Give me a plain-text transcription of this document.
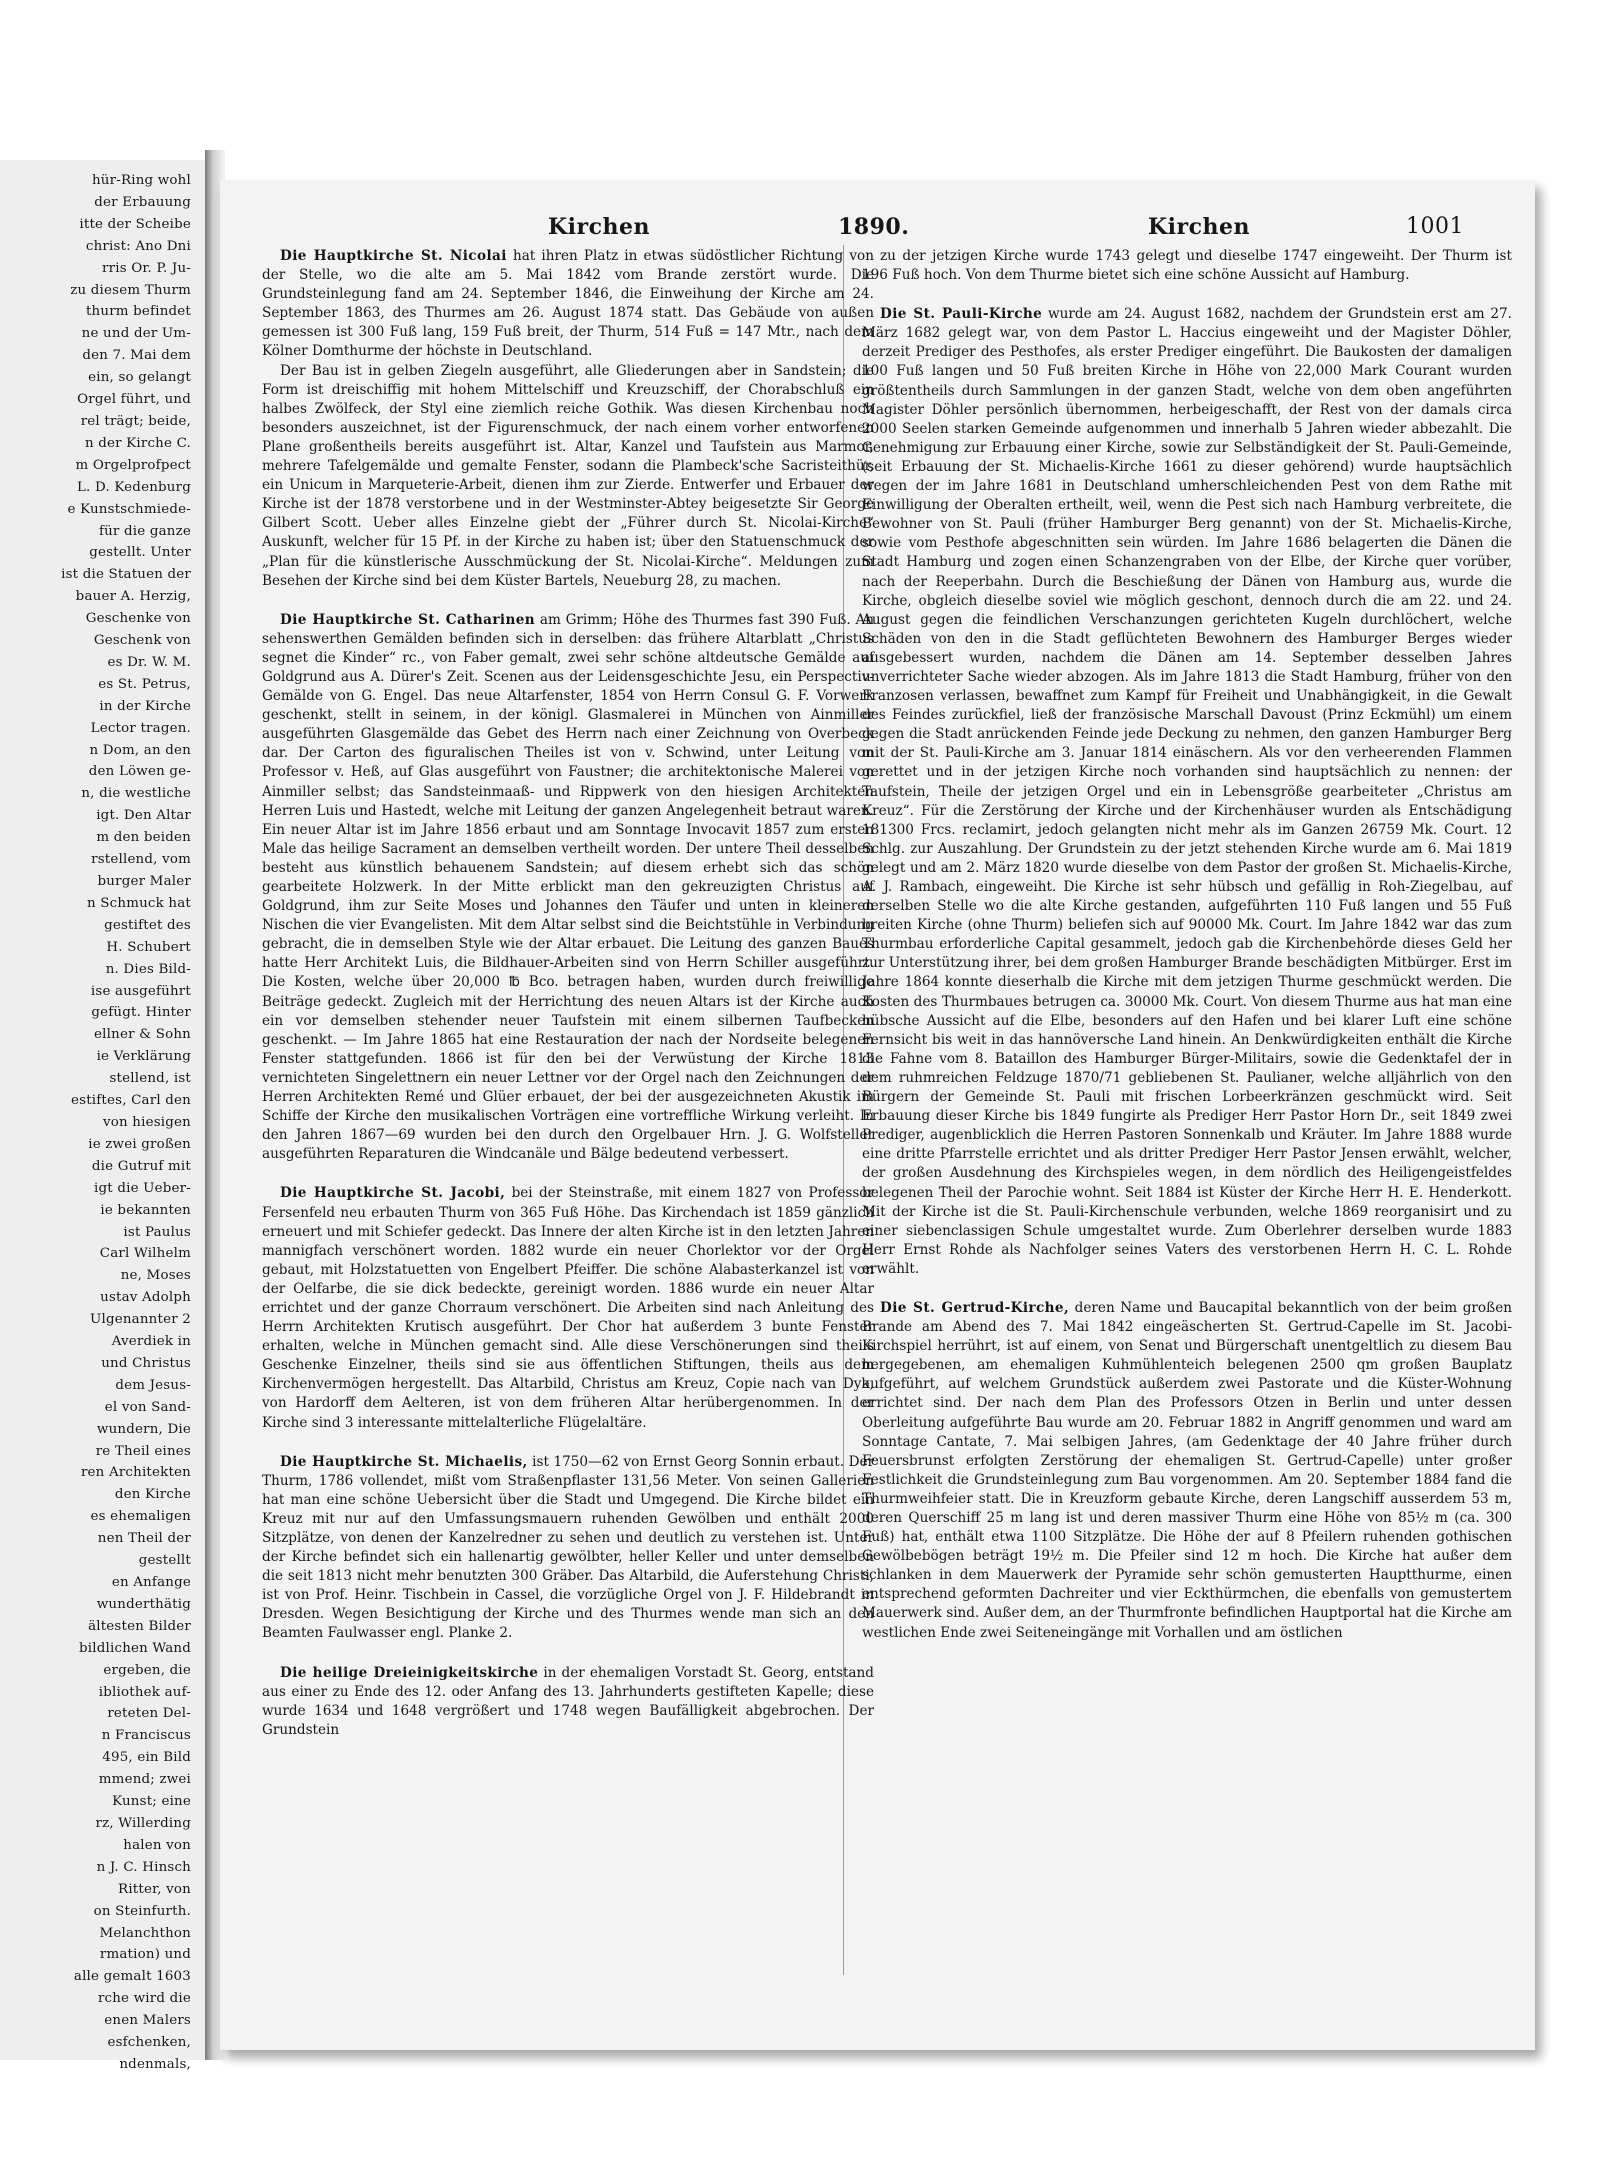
hür-Ring wohl
der Erbauung
itte der Scheibe
christ: Ano Dni
rris Or. P. Ju-
zu diesem Thurm
thurm befindet
ne und der Um-
den 7. Mai dem
ein, so gelangt
Orgel führt, und
rel trägt; beide,
n der Kirche C.
m Orgelprofpect
L. D. Kedenburg
e Kunstschmiede-
für die ganze
gestellt. Unter
ist die Statuen der
bauer A. Herzig,
Geschenke von
Geschenk von
es Dr. W. M.
es St. Petrus,
in der Kirche
Lector tragen.
n Dom, an den
den Löwen ge-
n, die westliche
igt. Den Altar
m den beiden
rstellend, vom
burger Maler
n Schmuck hat
gestiftet des
H. Schubert
n. Dies Bild-
ise ausgeführt
gefügt. Hinter
ellner & Sohn
ie Verklärung
stellend, ist
estiftes, Carl den
von hiesigen
ie zwei großen
die Gutruf mit
igt die Ueber-
ie bekannten
ist Paulus
Carl Wilhelm
ne, Moses
ustav Adolph
Ulgenannter 2
Averdiek in
und Christus
dem Jesus-
el von Sand-
wundern, Die
re Theil eines
ren Architekten
den Kirche
es ehemaligen
nen Theil der
gestellt
en Anfange
wunderthätig
ältesten Bilder
bildlichen Wand
ergeben, die
ibliothek auf-
reteten Del-
n Franciscus
495, ein Bild
mmend; zwei
Kunst; eine
rz, Willerding
halen von
n J. C. Hinsch
Ritter, von
on Steinfurth.
Melanchthon
rmation) und
alle gemalt 1603
rche wird die
enen Malers
esfchenken,
ndenmals,
Kirchen	1890.	Kirchen	1001

Die Hauptkirche St. Nicolai hat ihren Platz in etwas südöstlicher Richtung von der Stelle, wo die alte am 5. Mai 1842 vom Brande zerstört wurde. Die Grundsteinlegung fand am 24. September 1846, die Einweihung der Kirche am 24. September 1863, des Thurmes am 26. August 1874 statt. Das Gebäude von außen gemessen ist 300 Fuß lang, 159 Fuß breit, der Thurm, 514 Fuß = 147 Mtr., nach dem Kölner Domthurme der höchste in Deutschland.

Der Bau ist in gelben Ziegeln ausgeführt, alle Gliederungen aber in Sandstein; die Form ist dreischiffig mit hohem Mittelschiff und Kreuzschiff, der Chorabschluß ein halbes Zwölfeck, der Styl eine ziemlich reiche Gothik. Was diesen Kirchenbau noch besonders auszeichnet, ist der Figurenschmuck, der nach einem vorher entworfenen Plane großentheils bereits ausgeführt ist. Altar, Kanzel und Taufstein aus Marmor, mehrere Tafelgemälde und gemalte Fenster, sodann die Plambeck'sche Sacristeithür, ein Unicum in Marqueterie-Arbeit, dienen ihm zur Zierde. Entwerfer und Erbauer der Kirche ist der 1878 verstorbene und in der Westminster-Abtey beigesetzte Sir George Gilbert Scott. Ueber alles Einzelne giebt der „Führer durch St. Nicolai-Kirche“ Auskunft, welcher für 15 Pf. in der Kirche zu haben ist; über den Statuenschmuck der „Plan für die künstlerische Ausschmückung der St. Nicolai-Kirche“. Meldungen zum Besehen der Kirche sind bei dem Küster Bartels, Neueburg 28, zu machen.

Die Hauptkirche St. Catharinen am Grimm; Höhe des Thurmes fast 390 Fuß. An sehenswerthen Gemälden befinden sich in derselben: das frühere Altarblatt „Christus segnet die Kinder“ rc., von Faber gemalt, zwei sehr schöne altdeutsche Gemälde auf Goldgrund aus A. Dürer's Zeit. Scenen aus der Leidensgeschichte Jesu, ein Perspectiv-Gemälde von G. Engel. Das neue Altarfenster, 1854 von Herrn Consul G. F. Vorwerk geschenkt, stellt in seinem, in der königl. Glasmalerei in München von Ainmiller ausgeführten Glasgemälde das Gebet des Herrn nach einer Zeichnung von Overbeck dar. Der Carton des figuralischen Theiles ist von v. Schwind, unter Leitung von Professor v. Heß, auf Glas ausgeführt von Faustner; die architektonische Malerei von Ainmiller selbst; das Sandsteinmaaß- und Rippwerk von den hiesigen Architekten Herren Luis und Hastedt, welche mit Leitung der ganzen Angelegenheit betraut waren. Ein neuer Altar ist im Jahre 1856 erbaut und am Sonntage Invocavit 1857 zum ersten Male das heilige Sacrament an demselben vertheilt worden. Der untere Theil desselben besteht aus künstlich behauenem Sandstein; auf diesem erhebt sich das schön gearbeitete Holzwerk. In der Mitte erblickt man den gekreuzigten Christus auf Goldgrund, ihm zur Seite Moses und Johannes den Täufer und unten in kleineren Nischen die vier Evangelisten. Mit dem Altar selbst sind die Beichtstühle in Verbindung gebracht, die in demselben Style wie der Altar erbauet. Die Leitung des ganzen Baues hatte Herr Architekt Luis, die Bildhauer-Arbeiten sind von Herrn Schiller ausgeführt. Die Kosten, welche über 20,000 ℔ Bco. betragen haben, wurden durch freiwillige Beiträge gedeckt. Zugleich mit der Herrichtung des neuen Altars ist der Kirche auch ein vor demselben stehender neuer Taufstein mit einem silbernen Taufbecken geschenkt. — Im Jahre 1865 hat eine Restauration der nach der Nordseite belegenen Fenster stattgefunden. 1866 ist für den bei der Verwüstung der Kirche 1813 vernichteten Singelettnern ein neuer Lettner vor der Orgel nach den Zeichnungen der Herren Architekten Remé und Glüer erbauet, der bei der ausgezeichneten Akustik im Schiffe der Kirche den musikalischen Vorträgen eine vortreffliche Wirkung verleiht. In den Jahren 1867—69 wurden bei den durch den Orgelbauer Hrn. J. G. Wolfsteller ausgeführten Reparaturen die Windcanäle und Bälge bedeutend verbessert.

Die Hauptkirche St. Jacobi, bei der Steinstraße, mit einem 1827 von Professor Fersenfeld neu erbauten Thurm von 365 Fuß Höhe. Das Kirchendach ist 1859 gänzlich erneuert und mit Schiefer gedeckt. Das Innere der alten Kirche ist in den letzten Jahren mannigfach verschönert worden. 1882 wurde ein neuer Chorlektor vor der Orgel gebaut, mit Holzstatuetten von Engelbert Pfeiffer. Die schöne Alabasterkanzel ist von der Oelfarbe, die sie dick bedeckte, gereinigt worden. 1886 wurde ein neuer Altar errichtet und der ganze Chorraum verschönert. Die Arbeiten sind nach Anleitung des Herrn Architekten Krutisch ausgeführt. Der Chor hat außerdem 3 bunte Fenster erhalten, welche in München gemacht sind. Alle diese Verschönerungen sind theils Geschenke Einzelner, theils sind sie aus öffentlichen Stiftungen, theils aus dem Kirchenvermögen hergestellt. Das Altarbild, Christus am Kreuz, Copie nach van Dyk, von Hardorff dem Aelteren, ist von dem früheren Altar herübergenommen. In der Kirche sind 3 interessante mittelalterliche Flügelaltäre.

Die Hauptkirche St. Michaelis, ist 1750—62 von Ernst Georg Sonnin erbaut. Der Thurm, 1786 vollendet, mißt vom Straßenpflaster 131,56 Meter. Von seinen Gallerien hat man eine schöne Uebersicht über die Stadt und Umgegend. Die Kirche bildet ein Kreuz mit nur auf den Umfassungsmauern ruhenden Gewölben und enthält 2000 Sitzplätze, von denen der Kanzelredner zu sehen und deutlich zu verstehen ist. Unter der Kirche befindet sich ein hallenartig gewölbter, heller Keller und unter demselben die seit 1813 nicht mehr benutzten 300 Gräber. Das Altarbild, die Auferstehung Christi, ist von Prof. Heinr. Tischbein in Cassel, die vorzügliche Orgel von J. F. Hildebrandt in Dresden. Wegen Besichtigung der Kirche und des Thurmes wende man sich an den Beamten Faulwasser engl. Planke 2.

Die heilige Dreieinigkeitskirche in der ehemaligen Vorstadt St. Georg, entstand aus einer zu Ende des 12. oder Anfang des 13. Jahrhunderts gestifteten Kapelle; diese wurde 1634 und 1648 vergrößert und 1748 wegen Baufälligkeit abgebrochen. Der Grundstein

zu der jetzigen Kirche wurde 1743 gelegt und dieselbe 1747 eingeweiht. Der Thurm ist 196 Fuß hoch. Von dem Thurme bietet sich eine schöne Aussicht auf Hamburg.

Die St. Pauli-Kirche wurde am 24. August 1682, nachdem der Grundstein erst am 27. März 1682 gelegt war, von dem Pastor L. Haccius eingeweiht und der Magister Döhler, derzeit Prediger des Pesthofes, als erster Prediger eingeführt. Die Baukosten der damaligen 100 Fuß langen und 50 Fuß breiten Kirche in Höhe von 22,000 Mark Courant wurden größtentheils durch Sammlungen in der ganzen Stadt, welche von dem oben angeführten Magister Döhler persönlich übernommen, herbeigeschafft, der Rest von der damals circa 2000 Seelen starken Gemeinde aufgenommen und innerhalb 5 Jahren wieder abbezahlt. Die Genehmigung zur Erbauung einer Kirche, sowie zur Selbständigkeit der St. Pauli-Gemeinde, (seit Erbauung der St. Michaelis-Kirche 1661 zu dieser gehörend) wurde hauptsächlich wegen der im Jahre 1681 in Deutschland umherschleichenden Pest von dem Rathe mit Einwilligung der Oberalten ertheilt, weil, wenn die Pest sich nach Hamburg verbreitete, die Bewohner von St. Pauli (früher Hamburger Berg genannt) von der St. Michaelis-Kirche, sowie vom Pesthofe abgeschnitten sein würden. Im Jahre 1686 belagerten die Dänen die Stadt Hamburg und zogen einen Schanzengraben von der Elbe, der Kirche quer vorüber, nach der Reeperbahn. Durch die Beschießung der Dänen von Hamburg aus, wurde die Kirche, obgleich dieselbe soviel wie möglich geschont, dennoch durch die am 22. und 24. August gegen die feindlichen Verschanzungen gerichteten Kugeln durchlöchert, welche Schäden von den in die Stadt geflüchteten Bewohnern des Hamburger Berges wieder ausgebessert wurden, nachdem die Dänen am 14. September desselben Jahres unverrichteter Sache wieder abzogen. Als im Jahre 1813 die Stadt Hamburg, früher von den Franzosen verlassen, bewaffnet zum Kampf für Freiheit und Unabhängigkeit, in die Gewalt des Feindes zurückfiel, ließ der französische Marschall Davoust (Prinz Eckmühl) um einem gegen die Stadt anrückenden Feinde jede Deckung zu nehmen, den ganzen Hamburger Berg mit der St. Pauli-Kirche am 3. Januar 1814 einäschern. Als vor den verheerenden Flammen gerettet und in der jetzigen Kirche noch vorhanden sind hauptsächlich zu nennen: der Taufstein, Theile der jetzigen Orgel und ein in Lebensgröße gearbeiteter „Christus am Kreuz“. Für die Zerstörung der Kirche und der Kirchenhäuser wurden als Entschädigung 181300 Frcs. reclamirt, jedoch gelangten nicht mehr als im Ganzen 26759 Mk. Court. 12 Schlg. zur Auszahlung. Der Grundstein zu der jetzt stehenden Kirche wurde am 6. Mai 1819 gelegt und am 2. März 1820 wurde dieselbe von dem Pastor der großen St. Michaelis-Kirche, A. J. Rambach, eingeweiht. Die Kirche ist sehr hübsch und gefällig in Roh-Ziegelbau, auf derselben Stelle wo die alte Kirche gestanden, aufgeführten 110 Fuß langen und 55 Fuß breiten Kirche (ohne Thurm) beliefen sich auf 90000 Mk. Court. Im Jahre 1842 war das zum Thurmbau erforderliche Capital gesammelt, jedoch gab die Kirchenbehörde dieses Geld her zur Unterstützung ihrer, bei dem großen Hamburger Brande beschädigten Mitbürger. Erst im Jahre 1864 konnte dieserhalb die Kirche mit dem jetzigen Thurme geschmückt werden. Die Kosten des Thurmbaues betrugen ca. 30000 Mk. Court. Von diesem Thurme aus hat man eine hübsche Aussicht auf die Elbe, besonders auf den Hafen und bei klarer Luft eine schöne Fernsicht bis weit in das hannöversche Land hinein. An Denkwürdigkeiten enthält die Kirche die Fahne vom 8. Bataillon des Hamburger Bürger-Militairs, sowie die Gedenktafel der in dem ruhmreichen Feldzuge 1870/71 gebliebenen St. Paulianer, welche alljährlich von den Bürgern der Gemeinde St. Pauli mit frischen Lorbeerkränzen geschmückt wird. Seit Erbauung dieser Kirche bis 1849 fungirte als Prediger Herr Pastor Horn Dr., seit 1849 zwei Prediger, augenblicklich die Herren Pastoren Sonnenkalb und Kräuter. Im Jahre 1888 wurde eine dritte Pfarrstelle errichtet und als dritter Prediger Herr Pastor Jensen erwählt, welcher, der großen Ausdehnung des Kirchspieles wegen, in dem nördlich des Heiligengeistfeldes belegenen Theil der Parochie wohnt. Seit 1884 ist Küster der Kirche Herr H. E. Henderkott. Mit der Kirche ist die St. Pauli-Kirchenschule verbunden, welche 1869 reorganisirt und zu einer siebenclassigen Schule umgestaltet wurde. Zum Oberlehrer derselben wurde 1883 Herr Ernst Rohde als Nachfolger seines Vaters des verstorbenen Herrn H. C. L. Rohde erwählt.

Die St. Gertrud-Kirche, deren Name und Baucapital bekanntlich von der beim großen Brande am Abend des 7. Mai 1842 eingeäscherten St. Gertrud-Capelle im St. Jacobi-Kirchspiel herrührt, ist auf einem, von Senat und Bürgerschaft unentgeltlich zu diesem Bau hergegebenen, am ehemaligen Kuhmühlenteich belegenen 2500 qm großen Bauplatz aufgeführt, auf welchem Grundstück außerdem zwei Pastorate und die Küster-Wohnung errichtet sind. Der nach dem Plan des Professors Otzen in Berlin und unter dessen Oberleitung aufgeführte Bau wurde am 20. Februar 1882 in Angriff genommen und ward am Sonntage Cantate, 7. Mai selbigen Jahres, (am Gedenktage der 40 Jahre früher durch Feuersbrunst erfolgten Zerstörung der ehemaligen St. Gertrud-Capelle) unter großer Festlichkeit die Grundsteinlegung zum Bau vorgenommen. Am 20. September 1884 fand die Thurmweihfeier statt. Die in Kreuzform gebaute Kirche, deren Langschiff ausserdem 53 m, deren Querschiff 25 m lang ist und deren massiver Thurm eine Höhe von 85½ m (ca. 300 Fuß) hat, enthält etwa 1100 Sitzplätze. Die Höhe der auf 8 Pfeilern ruhenden gothischen Gewölbebögen beträgt 19½ m. Die Pfeiler sind 12 m hoch. Die Kirche hat außer dem schlanken in dem Mauerwerk der Pyramide sehr schön gemusterten Hauptthurme, einen entsprechend geformten Dachreiter und vier Eckthürmchen, die ebenfalls von gemustertem Mauerwerk sind. Außer dem, an der Thurmfronte befindlichen Hauptportal hat die Kirche am westlichen Ende zwei Seiteneingänge mit Vorhallen und am östlichen
